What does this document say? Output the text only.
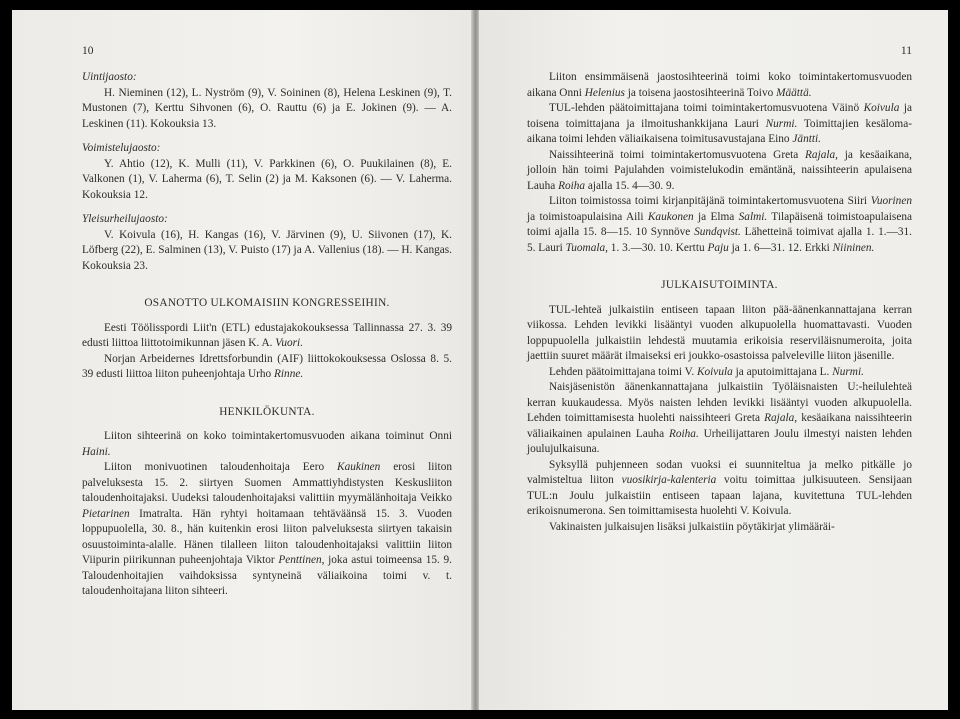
10

Uintijaosto:

H. Nieminen (12), L. Nyström (9), V. Soininen (8), Helena Leskinen (9), T. Mustonen (7), Kerttu Sihvonen (6), O. Rauttu (6) ja E. Jokinen (9). — A. Leskinen (11). Kokouksia 13.

Voimistelujaosto:

Y. Ahtio (12), K. Mulli (11), V. Parkkinen (6), O. Puukilainen (8), E. Valkonen (1), V. Laherma (6), T. Selin (2) ja M. Kaksonen (6). — V. Laherma. Kokouksia 12.

Yleisurheilujaosto:

V. Koivula (16), H. Kangas (16), V. Järvinen (9), U. Siivonen (17), K. Löfberg (22), E. Salminen (13), V. Puisto (17) ja A. Vallenius (18). — H. Kangas. Kokouksia 23.

OSANOTTO ULKOMAISIIN KONGRESSEIHIN.

Eesti Töölisspordi Liit'n (ETL) edustajakokouksessa Tallinnassa 27. 3. 39 edusti liittoa liittotoimikunnan jäsen K. A. Vuori.

Norjan Arbeidernes Idrettsforbundin (AIF) liittokokouksessa Oslossa 8. 5. 39 edusti liittoa liiton puheenjohtaja Urho Rinne.

HENKILÖKUNTA.

Liiton sihteerinä on koko toimintakertomusvuoden aikana toiminut Onni Haini.

Liiton monivuotinen taloudenhoitaja Eero Kaukinen erosi liiton palveluksesta 15. 2. siirtyen Suomen Ammattiyhdistysten Keskusliiton taloudenhoitajaksi. Uudeksi taloudenhoitajaksi valittiin myymälänhoitaja Veikko Pietarinen Imatralta. Hän ryhtyi hoitamaan tehtäväänsä 15. 3. Vuoden loppupuolella, 30. 8., hän kuitenkin erosi liiton palveluksesta siirtyen takaisin osuustoiminta-alalle. Hänen tilalleen liiton taloudenhoitajaksi valittiin liiton Viipurin piirikunnan puheenjohtaja Viktor Penttinen, joka astui toimeensa 15. 9. Taloudenhoitajien vaihdoksissa syntyneinä väliaikoina toimi v. t. taloudenhoitajana liiton sihteeri.

11

Liiton ensimmäisenä jaostosihteerinä toimi koko toimintakertomusvuoden aikana Onni Helenius ja toisena jaostosihteerinä Toivo Määttä.

TUL-lehden päätoimittajana toimi toimintakertomusvuotena Väinö Koivula ja toisena toimittajana ja ilmoitushankkijana Lauri Nurmi. Toimittajien kesäloma-aikana toimi lehden väliaikaisena toimitusavustajana Eino Jäntti.

Naissihteerinä toimi toimintakertomusvuotena Greta Rajala, ja kesäaikana, jolloin hän toimi Pajulahden voimistelukodin emäntänä, naissihteerin apulaisena Lauha Roiha ajalla 15. 4—30. 9.

Liiton toimistossa toimi kirjanpitäjänä toimintakertomusvuotena Siiri Vuorinen ja toimistoapulaisina Aili Kaukonen ja Elma Salmi. Tilapäisenä toimistoapulaisena toimi ajalla 15. 8—15. 10 Synnöve Sundqvist. Lähetteinä toimivat ajalla 1. 1.—31. 5. Lauri Tuomala, 1. 3.—30. 10. Kerttu Paju ja 1. 6—31. 12. Erkki Niininen.

JULKAISUTOIMINTA.

TUL-lehteä julkaistiin entiseen tapaan liiton pää-äänenkannattajana kerran viikossa. Lehden levikki lisääntyi vuoden alkupuolella huomattavasti. Vuoden loppupuolella julkaistiin lehdestä muutamia erikoisia reserviläisnumeroita, joita jaettiin suuret määrät ilmaiseksi eri joukko-osastoissa palveleville liiton jäsenille.

Lehden päätoimittajana toimi V. Koivula ja aputoimittajana L. Nurmi.

Naisjäsenistön äänenkannattajana julkaistiin Työläisnaisten U:-heilulehteä kerran kuukaudessa. Myös naisten lehden levikki lisääntyi vuoden alkupuolella. Lehden toimittamisesta huolehti naissihteeri Greta Rajala, kesäaikana naissihteerin väliaikainen apulainen Lauha Roiha. Urheilijattaren Joulu ilmestyi naisten lehden joulujulkaisuna.

Syksyllä puhjenneen sodan vuoksi ei suunniteltua ja melko pitkälle jo valmisteltua liiton vuosikirja-kalenteria voitu toimittaa julkisuuteen. Sensijaan TUL:n Joulu julkaistiin entiseen tapaan lajana, kuvitettuna TUL-lehden erikoisnumerona. Sen toimittamisesta huolehti V. Koivula.

Vakinaisten julkaisujen lisäksi julkaistiin pöytäkirjat ylimääräi-
